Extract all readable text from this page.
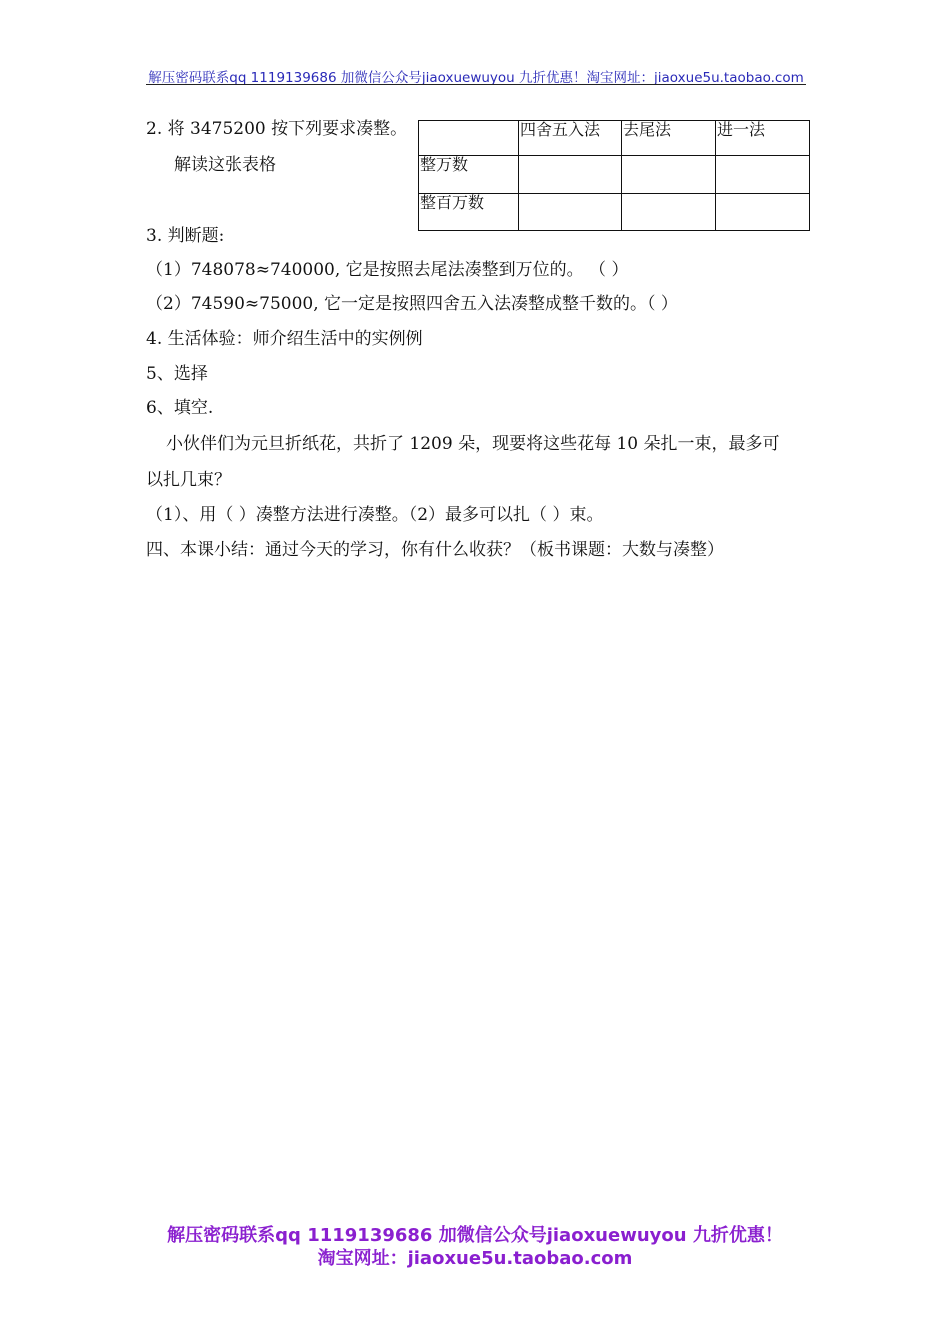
解压密码联系qq 1119139686 加微信公众号jiaoxuewuyou 九折优惠！淘宝网址：jiaoxue5u.taobao.com
2. 将 3475200 按下列要求凑整。
解读这张表格
	四舍五入法	去尾法	进一法
整万数			
整百万数			
3. 判断题:
（1）748078≈740000, 它是按照去尾法凑整到万位的。 （ ）
（2）74590≈75000, 它一定是按照四舍五入法凑整成整千数的。（ ）
4. 生活体验：师介绍生活中的实例例
5、选择
6、填空.
小伙伴们为元旦折纸花，共折了 1209 朵，现要将这些花每 10 朵扎一束，最多可
以扎几束？
（1）、用（ ）凑整方法进行凑整。（2）最多可以扎（ ）束。
四、本课小结：通过今天的学习，你有什么收获？（板书课题：大数与凑整）
解压密码联系qq 1119139686 加微信公众号jiaoxuewuyou 九折优惠！
淘宝网址：jiaoxue5u.taobao.com
